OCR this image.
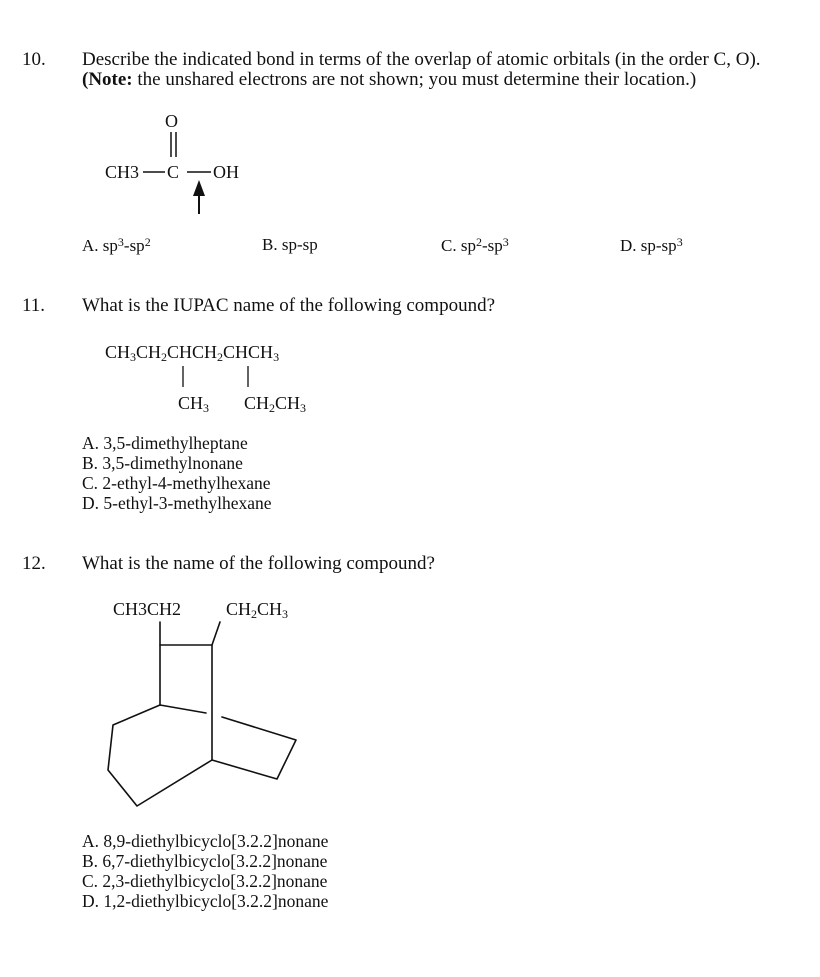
10. Describe the indicated bond in terms of the overlap of atomic orbitals (in the order C, O).
(Note: the unshared electrons are not shown; you must determine their location.)
O
CH3 C OH
A. $sp^3-sp^2$	B. sp-sp	C. $sp^2-sp^3$	D. $sp-sp^3$
11. What is the IUPAC name of the following compound?
$CH_3CH_2CHCH_2CHCH_3$
$CH_3$ $CH_2CH_3$
A. 3,5-dimethylheptane
B. 3,5-dimethylnonane
C. 2-ethyl-4-methylhexane
D. 5-ethyl-3-methylhexane
12. What is the name of the following compound?
CH3CH2 $CH_2CH_3$
A. 8,9-diethylbicyclo[3.2.2]nonane
B. 6,7-diethylbicyclo[3.2.2]nonane
C. 2,3-diethylbicyclo[3.2.2]nonane
D. 1,2-diethylbicyclo[3.2.2]nonane
